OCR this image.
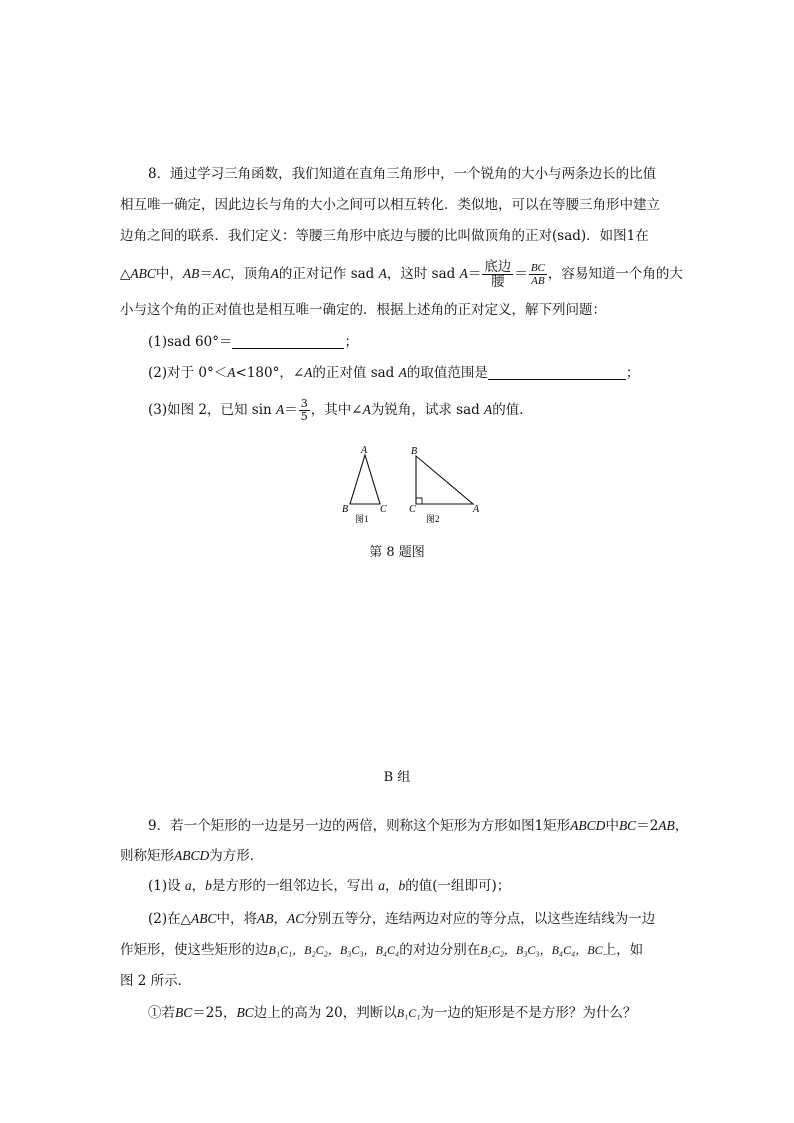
8．通过学习三角函数，我们知道在直角三角形中，一个锐角的大小与两条边长的比值
相互唯一确定，因此边长与角的大小之间可以相互转化．类似地，可以在等腰三角形中建立
边角之间的联系．我们定义：等腰三角形中底边与腰的比叫做顶角的正对(sad)．如图1在
△ABC中，AB＝AC，顶角A的正对记作 sad A，这时 sad $A= \frac{\text{底边}}{\text{腰}} = \frac{BC}{AB}$ ，容易知道一个角的大
小与这个角的正对值也是相互唯一确定的．根据上述角的正对定义，解下列问题：
(1)sad 60°＝	；
(2)对于 0°＜A<180°，∠A的正对值 sad A的取值范围是	；
(3)如图 2，已知 $\sin A= \frac{3}{5}$ ，其中∠A为锐角，试求 sad A的值．
A
B	C
图1
B
C	A
图2
第 8 题图
B 组
9．若一个矩形的一边是另一边的两倍，则称这个矩形为方形如图1矩形ABCD中BC＝2AB，
则称矩形ABCD为方形．
(1)设 a，b是方形的一组邻边长，写出 a，b的值(一组即可)；
(2)在△ABC中，将AB，AC分别五等分，连结两边对应的等分点，以这些连结线为一边
作矩形，使这些矩形的边B₁C₁，B₂C₂，B₃C₃，B₄C₄的对边分别在B₂C₂，B₃C₃，B₄C₄，BC上，如
图 2 所示．
①若BC＝25，BC边上的高为 20，判断以B₁C₁为一边的矩形是不是方形？为什么？
